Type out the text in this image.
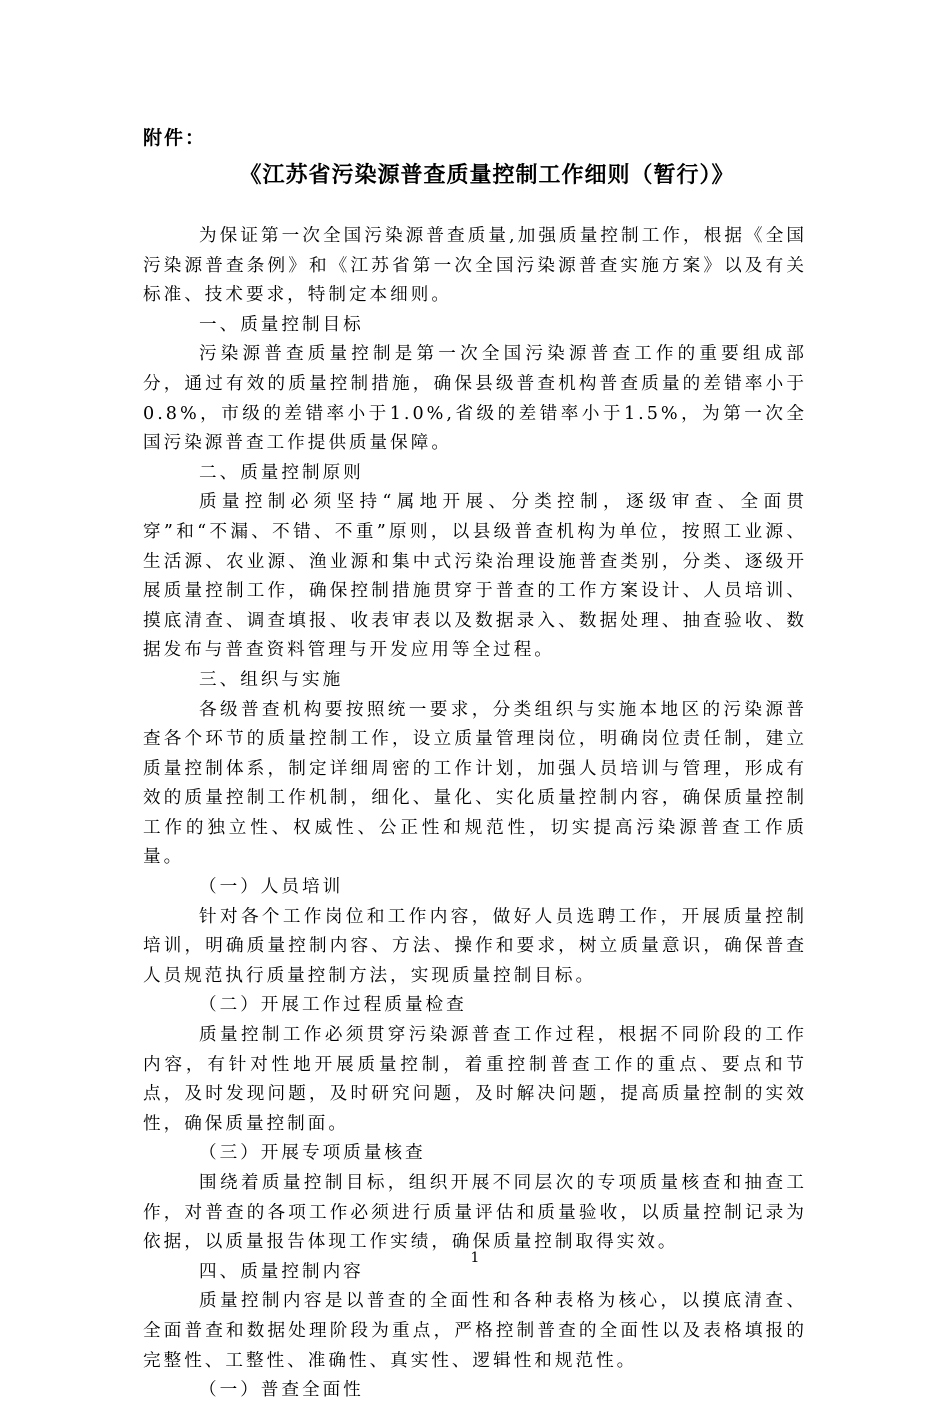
附件：
《江苏省污染源普查质量控制工作细则（暂行）》

为保证第一次全国污染源普查质量,加强质量控制工作，根据《全国污染源普查条例》和《江苏省第一次全国污染源普查实施方案》以及有关标准、技术要求，特制定本细则。

一、质量控制目标

污染源普查质量控制是第一次全国污染源普查工作的重要组成部分，通过有效的质量控制措施，确保县级普查机构普查质量的差错率小于0.8%，市级的差错率小于1.0%,省级的差错率小于1.5%，为第一次全国污染源普查工作提供质量保障。

二、质量控制原则

质量控制必须坚持“属地开展、分类控制，逐级审查、全面贯穿”和“不漏、不错、不重”原则，以县级普查机构为单位，按照工业源、生活源、农业源、渔业源和集中式污染治理设施普查类别，分类、逐级开展质量控制工作，确保控制措施贯穿于普查的工作方案设计、人员培训、摸底清查、调查填报、收表审表以及数据录入、数据处理、抽查验收、数据发布与普查资料管理与开发应用等全过程。

三、组织与实施

各级普查机构要按照统一要求，分类组织与实施本地区的污染源普查各个环节的质量控制工作，设立质量管理岗位，明确岗位责任制，建立质量控制体系，制定详细周密的工作计划，加强人员培训与管理，形成有效的质量控制工作机制，细化、量化、实化质量控制内容，确保质量控制工作的独立性、权威性、公正性和规范性，切实提高污染源普查工作质量。

（一）人员培训

针对各个工作岗位和工作内容，做好人员选聘工作，开展质量控制培训，明确质量控制内容、方法、操作和要求，树立质量意识，确保普查人员规范执行质量控制方法，实现质量控制目标。

（二）开展工作过程质量检查

质量控制工作必须贯穿污染源普查工作过程，根据不同阶段的工作内容，有针对性地开展质量控制，着重控制普查工作的重点、要点和节点，及时发现问题，及时研究问题，及时解决问题，提高质量控制的实效性，确保质量控制面。

（三）开展专项质量核查

围绕着质量控制目标，组织开展不同层次的专项质量核查和抽查工作，对普查的各项工作必须进行质量评估和质量验收，以质量控制记录为依据，以质量报告体现工作实绩，确保质量控制取得实效。

四、质量控制内容

质量控制内容是以普查的全面性和各种表格为核心，以摸底清查、全面普查和数据处理阶段为重点，严格控制普查的全面性以及表格填报的完整性、工整性、准确性、真实性、逻辑性和规范性。

（一）普查全面性

1
